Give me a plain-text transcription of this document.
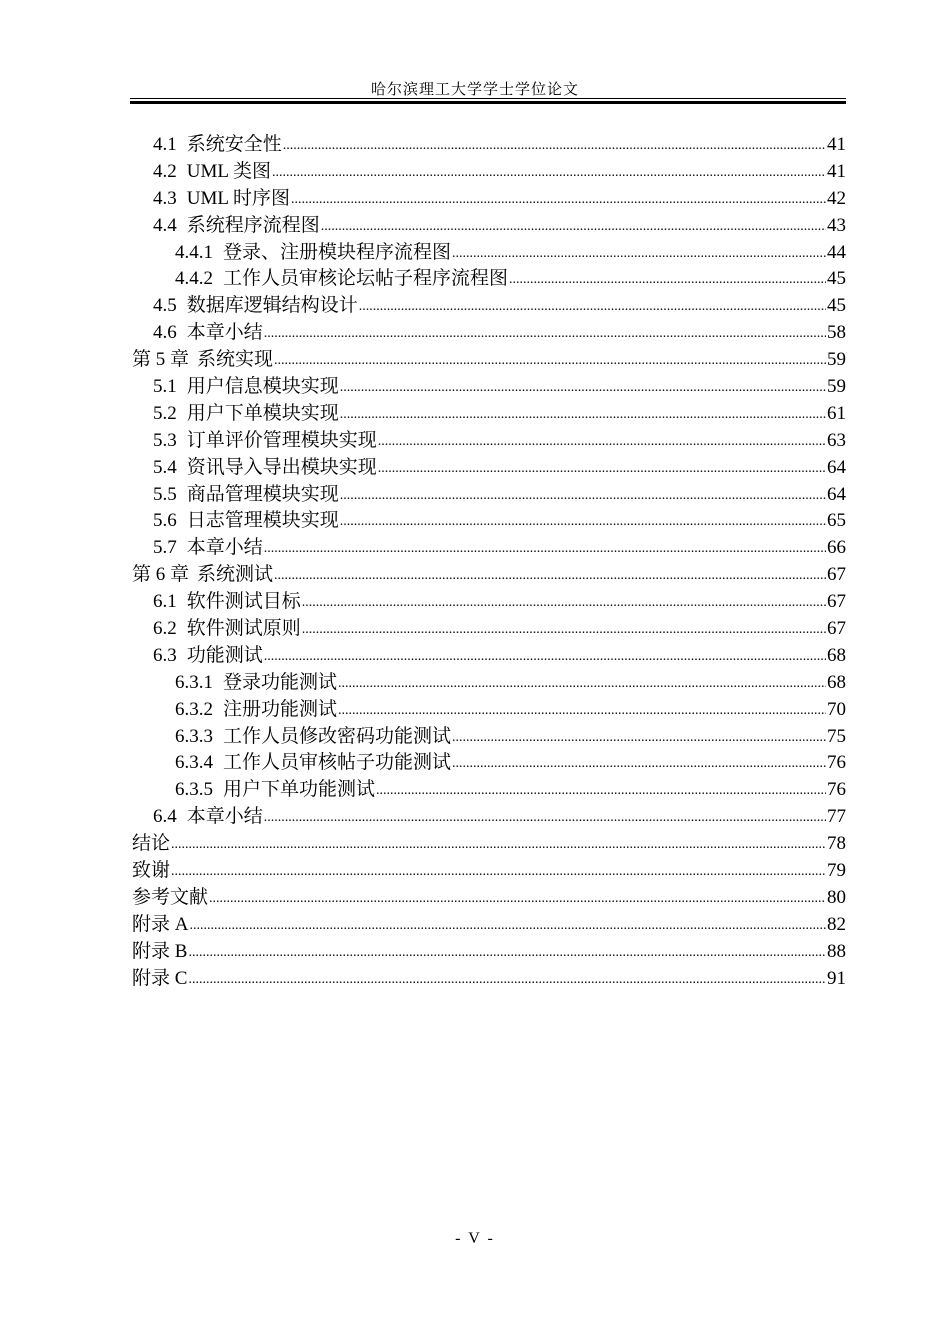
哈尔滨理工大学学士学位论文
4.1 系统安全性 .....	41
4.2 UML 类图 .....	41
4.3 UML 时序图 .....	42
4.4 系统程序流程图 .....	43
4.4.1 登录、注册模块程序流程图 .....	44
4.4.2 工作人员审核论坛帖子程序流程图 .....	45
4.5 数据库逻辑结构设计 .....	45
4.6 本章小结 .....	58
第 5 章 系统实现 .....	59
5.1 用户信息模块实现 .....	59
5.2 用户下单模块实现 .....	61
5.3 订单评价管理模块实现 .....	63
5.4 资讯导入导出模块实现 .....	64
5.5 商品管理模块实现 .....	64
5.6 日志管理模块实现 .....	65
5.7 本章小结 .....	66
第 6 章 系统测试 .....	67
6.1 软件测试目标 .....	67
6.2 软件测试原则 .....	67
6.3 功能测试 .....	68
6.3.1 登录功能测试 .....	68
6.3.2 注册功能测试 .....	70
6.3.3 工作人员修改密码功能测试 .....	75
6.3.4 工作人员审核帖子功能测试 .....	76
6.3.5 用户下单功能测试 .....	76
6.4 本章小结 .....	77
结论 .....	78
致谢 .....	79
参考文献 .....	80
附录 A .....	82
附录 B .....	88
附录 C .....	91
- V -
